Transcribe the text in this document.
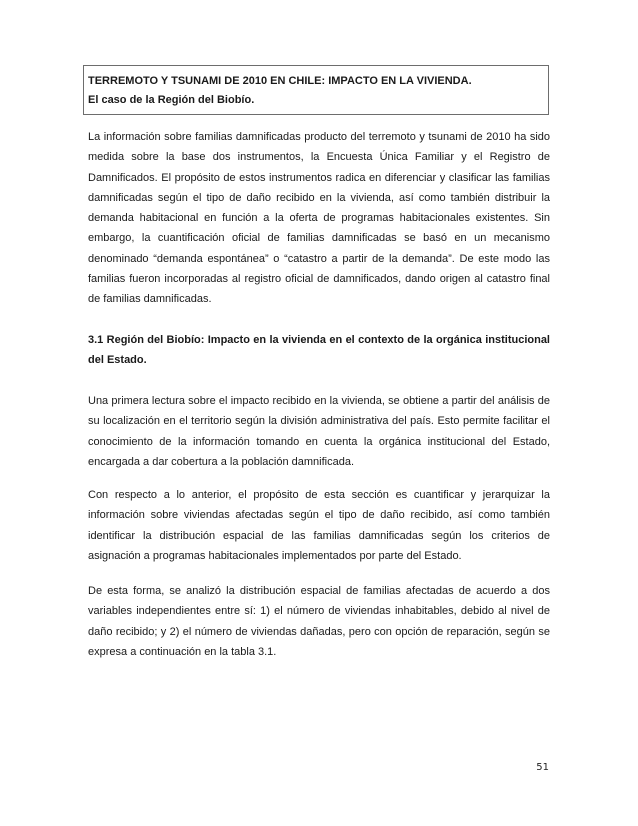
TERREMOTO Y TSUNAMI DE 2010 EN CHILE: IMPACTO EN LA VIVIENDA.
El caso de la Región del Biobío.

La información sobre familias damnificadas producto del terremoto y tsunami de 2010 ha sido medida sobre la base dos instrumentos, la Encuesta Única Familiar y el Registro de Damnificados. El propósito de estos instrumentos radica en diferenciar y clasificar las familias damnificadas según el tipo de daño recibido en la vivienda, así como también distribuir la demanda habitacional en función a la oferta de programas habitacionales existentes. Sin embargo, la cuantificación oficial de familias damnificadas se basó en un mecanismo denominado “demanda espontánea” o “catastro a partir de la demanda”. De este modo las familias fueron incorporadas al registro oficial de damnificados, dando origen al catastro final de familias damnificadas.

3.1 Región del Biobío: Impacto en la vivienda en el contexto de la orgánica institucional del Estado.

Una primera lectura sobre el impacto recibido en la vivienda, se obtiene a partir del análisis de su localización en el territorio según la división administrativa del país. Esto permite facilitar el conocimiento de la información tomando en cuenta la orgánica institucional del Estado, encargada a dar cobertura a la población damnificada.

Con respecto a lo anterior, el propósito de esta sección es cuantificar y jerarquizar la información sobre viviendas afectadas según el tipo de daño recibido, así como también identificar la distribución espacial de las familias damnificadas según los criterios de asignación a programas habitacionales implementados por parte del Estado.

De esta forma, se analizó la distribución espacial de familias afectadas de acuerdo a dos variables independientes entre sí: 1) el número de viviendas inhabitables, debido al nivel de daño recibido; y 2) el número de viviendas dañadas, pero con opción de reparación, según se expresa a continuación en la tabla 3.1.

51
